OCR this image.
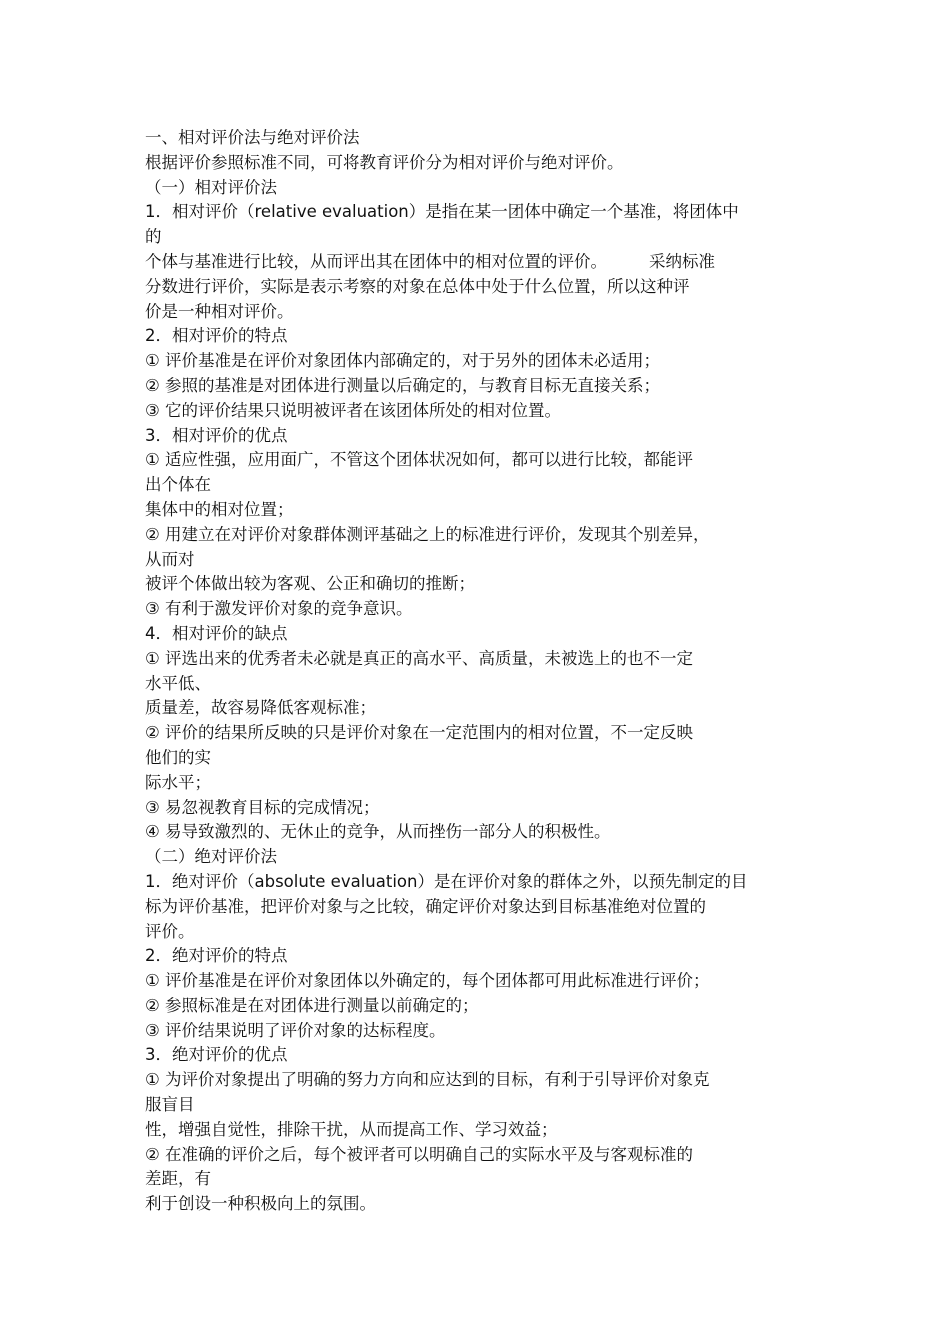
一、相对评价法与绝对评价法
根据评价参照标准不同，可将教育评价分为相对评价与绝对评价。
（一）相对评价法
1．相对评价（relative evaluation）是指在某一团体中确定一个基准，将团体中
的
个体与基准进行比较，从而评出其在团体中的相对位置的评价。        采纳标准
分数进行评价，实际是表示考察的对象在总体中处于什么位置，所以这种评
价是一种相对评价。
2．相对评价的特点
① 评价基准是在评价对象团体内部确定的，对于另外的团体未必适用；
② 参照的基准是对团体进行测量以后确定的，与教育目标无直接关系；
③ 它的评价结果只说明被评者在该团体所处的相对位置。
3．相对评价的优点
① 适应性强，应用面广，不管这个团体状况如何，都可以进行比较，都能评
出个体在
集体中的相对位置；
② 用建立在对评价对象群体测评基础之上的标准进行评价，发现其个别差异，
从而对
被评个体做出较为客观、公正和确切的推断；
③ 有利于激发评价对象的竞争意识。
4．相对评价的缺点
① 评选出来的优秀者未必就是真正的高水平、高质量，未被选上的也不一定
水平低、
质量差，故容易降低客观标准；
② 评价的结果所反映的只是评价对象在一定范围内的相对位置，不一定反映
他们的实
际水平；
③ 易忽视教育目标的完成情况；
④ 易导致激烈的、无休止的竞争，从而挫伤一部分人的积极性。
（二）绝对评价法
1．绝对评价（absolute evaluation）是在评价对象的群体之外，以预先制定的目
标为评价基准，把评价对象与之比较，确定评价对象达到目标基准绝对位置的
评价。
2．绝对评价的特点
① 评价基准是在评价对象团体以外确定的，每个团体都可用此标准进行评价；
② 参照标准是在对团体进行测量以前确定的；
③ 评价结果说明了评价对象的达标程度。
3．绝对评价的优点
① 为评价对象提出了明确的努力方向和应达到的目标，有利于引导评价对象克
服盲目
性，增强自觉性，排除干扰，从而提高工作、学习效益；
② 在准确的评价之后，每个被评者可以明确自己的实际水平及与客观标准的
差距，有
利于创设一种积极向上的氛围。
